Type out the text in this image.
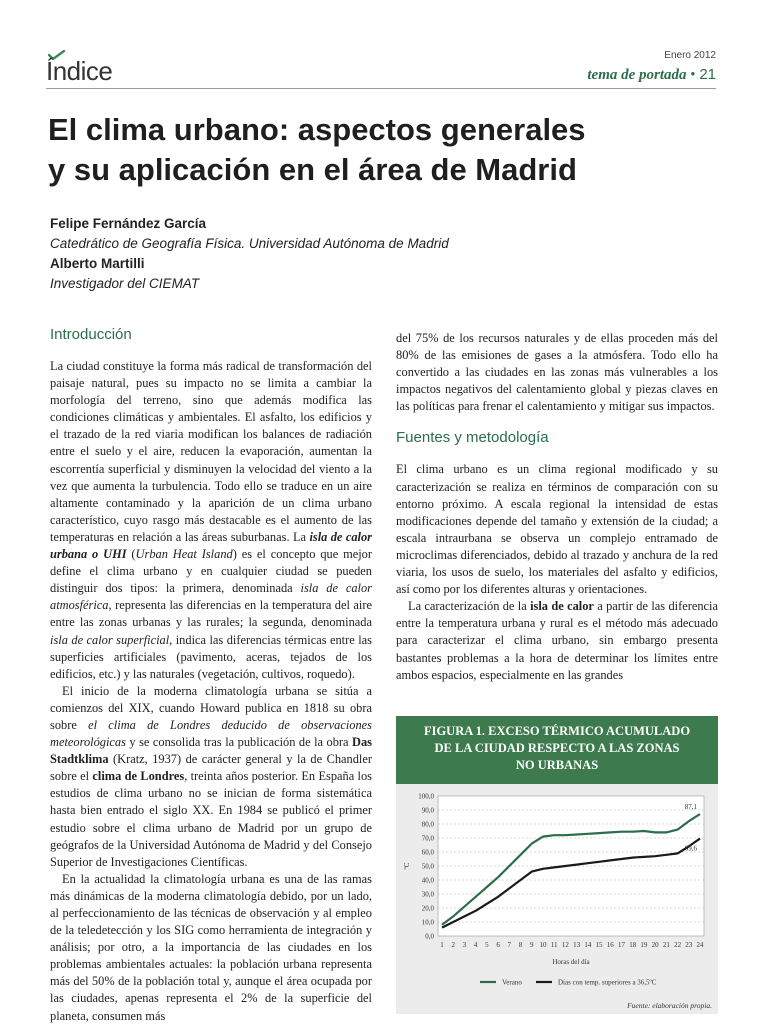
Índice
Enero 2012
tema de portada • 21
El clima urbano: aspectos generales
y su aplicación en el área de Madrid
Felipe Fernández García
Catedrático de Geografía Física. Universidad Autónoma de Madrid
Alberto Martilli
Investigador del CIEMAT
Introducción

La ciudad constituye la forma más radical de transformación del paisaje natural, pues su impacto no se limita a cambiar la morfología del terreno, sino que además modifica las condiciones climáticas y ambientales. El asfalto, los edificios y el trazado de la red viaria modifican los balances de radiación entre el suelo y el aire, reducen la evaporación, aumentan la escorrentía superficial y disminuyen la velocidad del viento a la vez que aumenta la turbulencia. Todo ello se traduce en un aire altamente contaminado y la aparición de un clima urbano característico, cuyo rasgo más destacable es el aumento de las temperaturas en relación a las áreas suburbanas. La isla de calor urbana o UHI (Urban Heat Island) es el concepto que mejor define el clima urbano y en cualquier ciudad se pueden distinguir dos tipos: la primera, denominada isla de calor atmosférica, representa las diferencias en la temperatura del aire entre las zonas urbanas y las rurales; la segunda, denominada isla de calor superficial, indica las diferencias térmicas entre las superficies artificiales (pavimento, aceras, tejados de los edificios, etc.) y las naturales (vegetación, cultivos, roquedo).

El inicio de la moderna climatología urbana se sitúa a comienzos del XIX, cuando Howard publica en 1818 su obra sobre el clima de Londres deducido de observaciones meteorológicas y se consolida tras la publicación de la obra Das Stadtklima (Kratz, 1937) de carácter general y la de Chandler sobre el clima de Londres, treinta años posterior. En España los estudios de clima urbano no se inician de forma sistemática hasta bien entrado el siglo XX. En 1984 se publicó el primer estudio sobre el clima urbano de Madrid por un grupo de geógrafos de la Universidad Autónoma de Madrid y del Consejo Superior de Investigaciones Científicas.

En la actualidad la climatología urbana es una de las ramas más dinámicas de la moderna climatología debido, por un lado, al perfeccionamiento de las técnicas de observación y al empleo de la teledetección y los SIG como herramienta de integración y análisis; por otro, a la importancia de las ciudades en los problemas ambientales actuales: la población urbana representa más del 50% de la población total y, aunque el área ocupada por las ciudades, apenas representa el 2% de la superficie del planeta, consumen más

del 75% de los recursos naturales y de ellas proceden más del 80% de las emisiones de gases a la atmósfera. Todo ello ha convertido a las ciudades en las zonas más vulnerables a los impactos negativos del calentamiento global y piezas claves en las políticas para frenar el calentamiento y mitigar sus impactos.

Fuentes y metodología

El clima urbano es un clima regional modificado y su caracterización se realiza en términos de comparación con su entorno próximo. A escala regional la intensidad de estas modificaciones depende del tamaño y extensión de la ciudad; a escala intraurbana se observa un complejo entramado de microclimas diferenciados, debido al trazado y anchura de la red viaria, los usos de suelo, los materiales del asfalto y edificios, así como por los diferentes alturas y orientaciones.

La caracterización de la isla de calor a partir de las diferencia entre la temperatura urbana y rural es el método más adecuado para caracterizar el clima urbano, sin embargo presenta bastantes problemas a la hora de determinar los límites entre ambos espacios, especialmente en las grandes

FIGURA 1. EXCESO TÉRMICO ACUMULADO
DE LA CIUDAD RESPECTO A LAS ZONAS
NO URBANAS
0,0
10,0
20,0
30,0
40,0
50,0
60,0
70,0
80,0
90,0
100,0
1 2 3 4 5 6 7 8 9 10 11 12 13 14 15 16 17 18 19 20 21 22 23 24
Horas del día
ºC
87,1
69,6
Verano	Días con temp. superiores a 36,5ºC
Fuente: elaboración propia.
